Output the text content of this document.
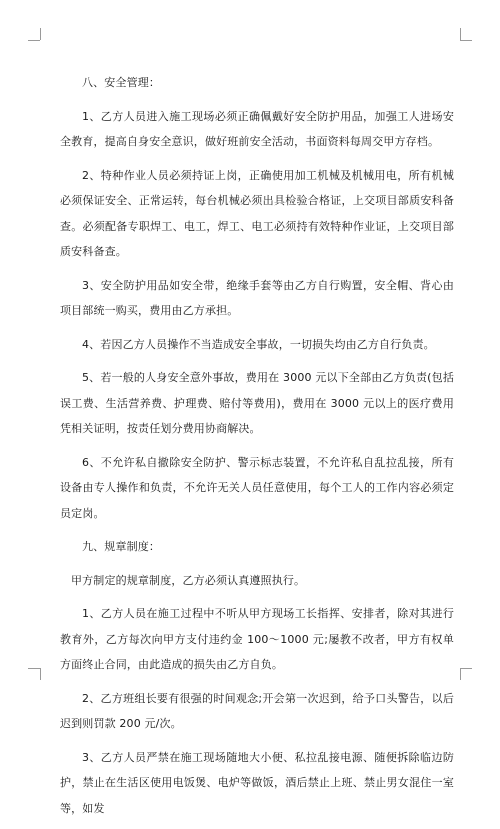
八、安全管理：

1、乙方人员进入施工现场必须正确佩戴好安全防护用品，加强工人进场安全教育，提高自身安全意识，做好班前安全活动，书面资料每周交甲方存档。

2、特种作业人员必须持证上岗，正确使用加工机械及机械用电，所有机械必须保证安全、正常运转，每台机械必须出具检验合格证，上交项目部质安科备查。必须配备专职焊工、电工，焊工、电工必须持有效特种作业证，上交项目部质安科备查。

3、安全防护用品如安全带，绝缘手套等由乙方自行购置，安全帽、背心由项目部统一购买，费用由乙方承担。

4、若因乙方人员操作不当造成安全事故，一切损失均由乙方自行负责。

5、若一般的人身安全意外事故，费用在 3000 元以下全部由乙方负责(包括误工费、生活营养费、护理费、赔付等费用)，费用在 3000 元以上的医疗费用凭相关证明，按责任划分费用协商解决。

6、不允许私自撤除安全防护、警示标志装置，不允许私自乱拉乱接，所有设备由专人操作和负责，不允许无关人员任意使用，每个工人的工作内容必须定员定岗。

九、规章制度：

甲方制定的规章制度，乙方必须认真遵照执行。

1、乙方人员在施工过程中不听从甲方现场工长指挥、安排者，除对其进行教育外，乙方每次向甲方支付违约金 100～1000 元;屡教不改者，甲方有权单方面终止合同，由此造成的损失由乙方自负。

2、乙方班组长要有很强的时间观念;开会第一次迟到，给予口头警告，以后迟到则罚款 200 元/次。

3、乙方人员严禁在施工现场随地大小便、私拉乱接电源、随便拆除临边防护，禁止在生活区使用电饭煲、电炉等做饭，酒后禁止上班、禁止男女混住一室等，如发
